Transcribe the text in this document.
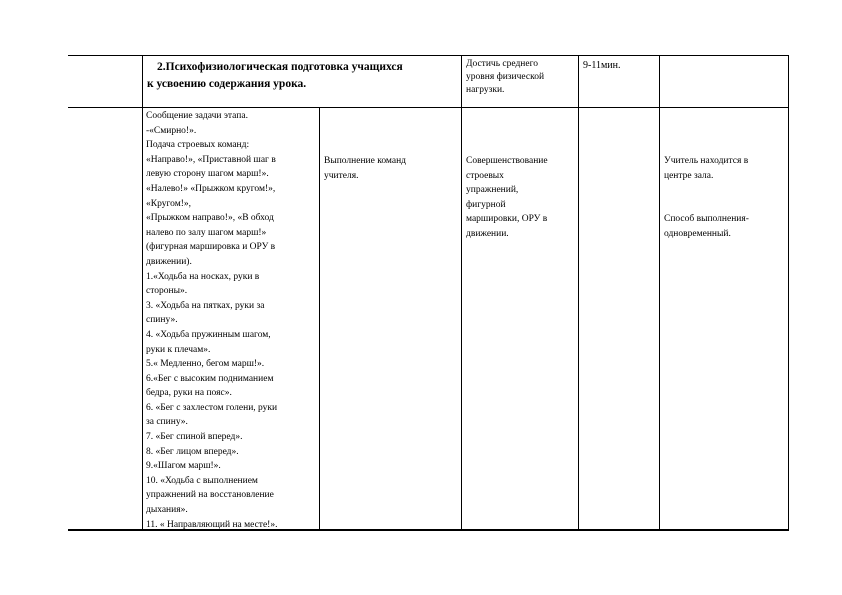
2.Психофизиологическая подготовка учащихся

к усвоению содержания урока.

Достичь среднего

уровня физической

нагрузки.

9-11мин.

Сообщение задачи этапа.

-«Смирно!».

Подача строевых команд:

«Направо!», «Приставной шаг в

левую сторону шагом марш!».

«Налево!» «Прыжком кругом!»,

«Кругом!»,

«Прыжком направо!», «В обход

налево по залу шагом марш!»

(фигурная маршировка и ОРУ в

движении).

1.«Ходьба на носках, руки в

стороны».

3. «Ходьба на пятках, руки за

спину».

4. «Ходьба пружинным шагом,

руки к плечам».

5.« Медленно, бегом марш!».

6.«Бег с высоким подниманием

бедра, руки на пояс».

6. «Бег с захлестом голени, руки

за спину».

7. «Бег спиной вперед».

8. «Бег лицом вперед».

9.«Шагом марш!».

10. «Ходьба с выполнением

упражнений на восстановление

дыхания».

11. « Направляющий на месте!».

Выполнение команд

учителя.

Совершенствование

строевых

упражнений,

фигурной

маршировки, ОРУ в

движении.

Учитель находится в

центре зала.

Способ выполнения-

одновременный.
